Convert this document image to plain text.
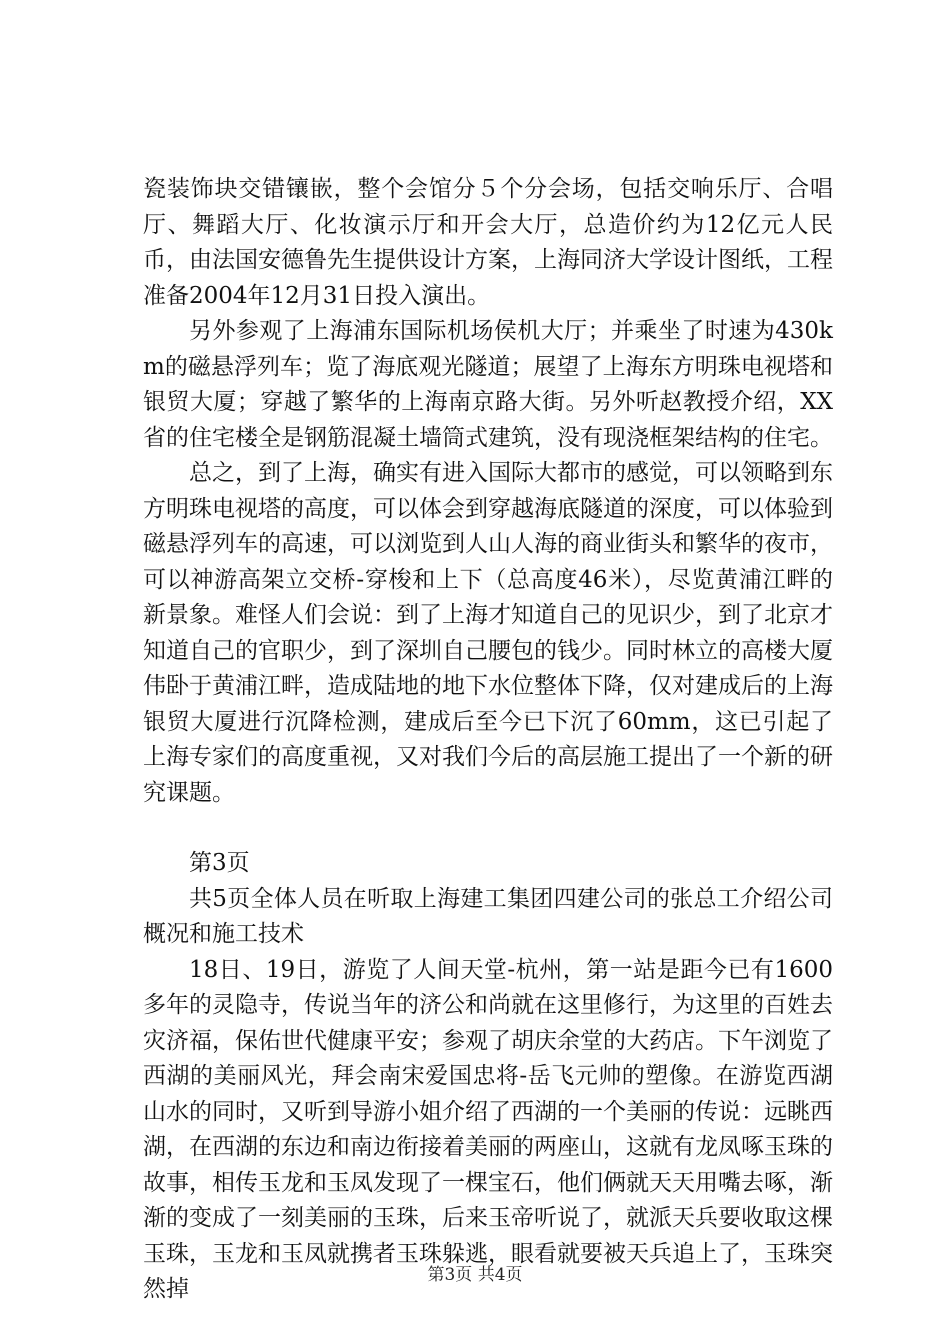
瓷装饰块交错镶嵌，整个会馆分５个分会场，包括交响乐厅、合唱厅、舞蹈大厅、化妆演示厅和开会大厅，总造价约为12亿元人民币，由法国安德鲁先生提供设计方案，上海同济大学设计图纸，工程准备2004年12月31日投入演出。

另外参观了上海浦东国际机场侯机大厅；并乘坐了时速为430km的磁悬浮列车；览了海底观光隧道；展望了上海东方明珠电视塔和银贸大厦；穿越了繁华的上海南京路大街。另外听赵教授介绍，XX省的住宅楼全是钢筋混凝土墙筒式建筑，没有现浇框架结构的住宅。

总之，到了上海，确实有进入国际大都市的感觉，可以领略到东方明珠电视塔的高度，可以体会到穿越海底隧道的深度，可以体验到磁悬浮列车的高速，可以浏览到人山人海的商业街头和繁华的夜市，可以神游高架立交桥-穿梭和上下（总高度46米），尽览黄浦江畔的新景象。难怪人们会说：到了上海才知道自己的见识少，到了北京才知道自己的官职少，到了深圳自己腰包的钱少。同时林立的高楼大厦伟卧于黄浦江畔，造成陆地的地下水位整体下降，仅对建成后的上海银贸大厦进行沉降检测，建成后至今已下沉了60mm，这已引起了上海专家们的高度重视，又对我们今后的高层施工提出了一个新的研究课题。

第3页

共5页全体人员在听取上海建工集团四建公司的张总工介绍公司概况和施工技术

18日、19日，游览了人间天堂-杭州，第一站是距今已有1600多年的灵隐寺，传说当年的济公和尚就在这里修行，为这里的百姓去灾济福，保佑世代健康平安；参观了胡庆余堂的大药店。下午浏览了西湖的美丽风光，拜会南宋爱国忠将-岳飞元帅的塑像。在游览西湖山水的同时，又听到导游小姐介绍了西湖的一个美丽的传说：远眺西湖，在西湖的东边和南边衔接着美丽的两座山，这就有龙凤啄玉珠的故事，相传玉龙和玉凤发现了一棵宝石，他们俩就天天用嘴去啄，渐渐的变成了一刻美丽的玉珠，后来玉帝听说了，就派天兵要收取这棵玉珠，玉龙和玉凤就携者玉珠躲逃，眼看就要被天兵追上了，玉珠突然掉

第3页 共4页
